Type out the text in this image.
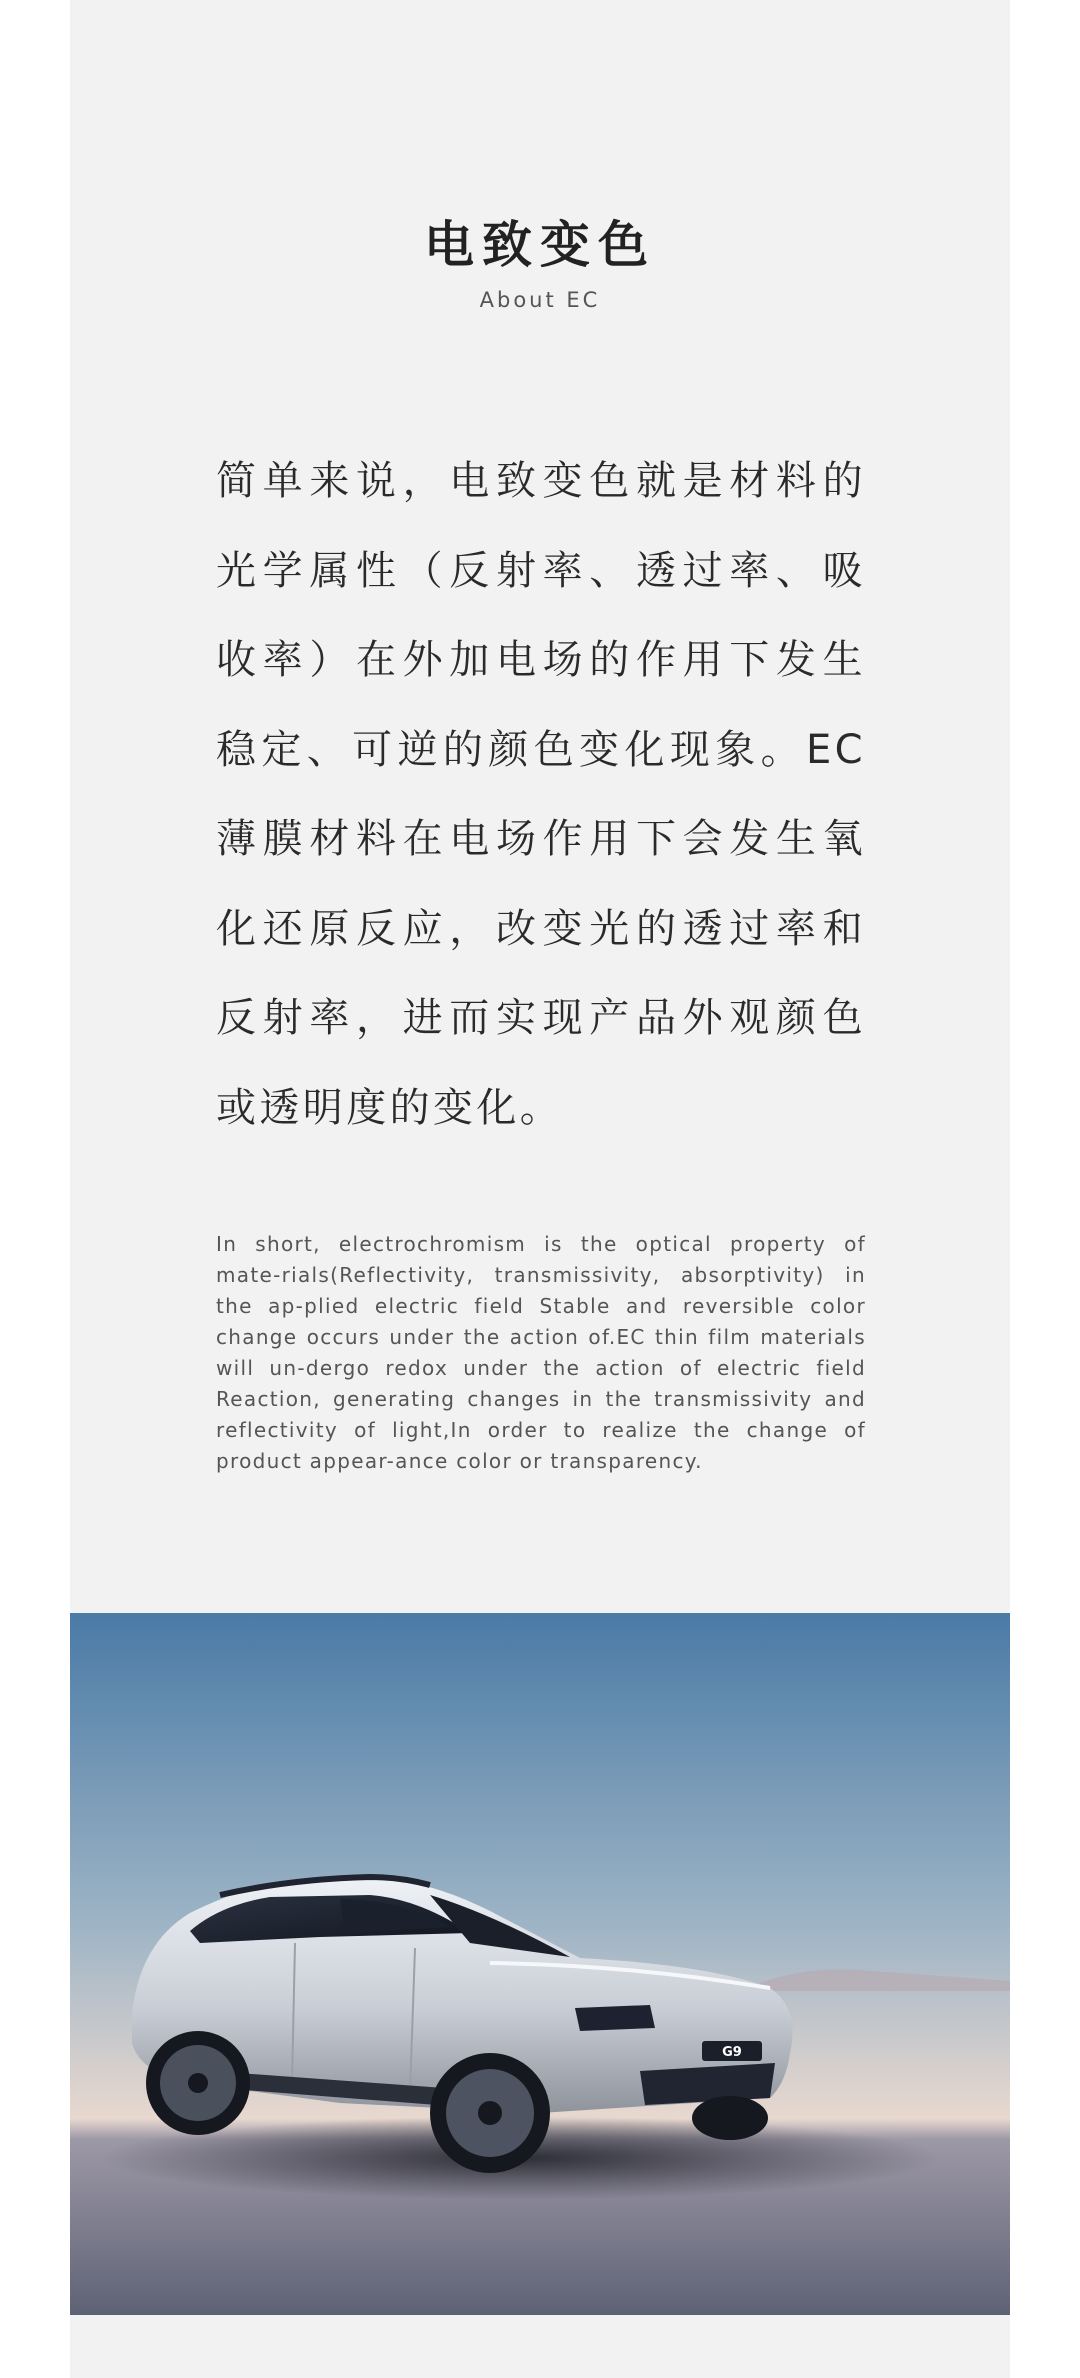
电致变色
About EC

简单来说，电致变色就是材料的光学属性（反射率、透过率、吸收率）在外加电场的作用下发生稳定、可逆的颜色变化现象。EC薄膜材料在电场作用下会发生氧化还原反应，改变光的透过率和反射率，进而实现产品外观颜色或透明度的变化。

In short, electrochromism is the optical property of mate-rials(Reflectivity, transmissivity, absorptivity) in the ap-plied electric field Stable and reversible color change occurs under the action of.EC thin film materials will un-dergo redox under the action of electric field Reaction, generating changes in the transmissivity and reflectivity of light,In order to realize the change of product appear-ance color or transparency.

G9
